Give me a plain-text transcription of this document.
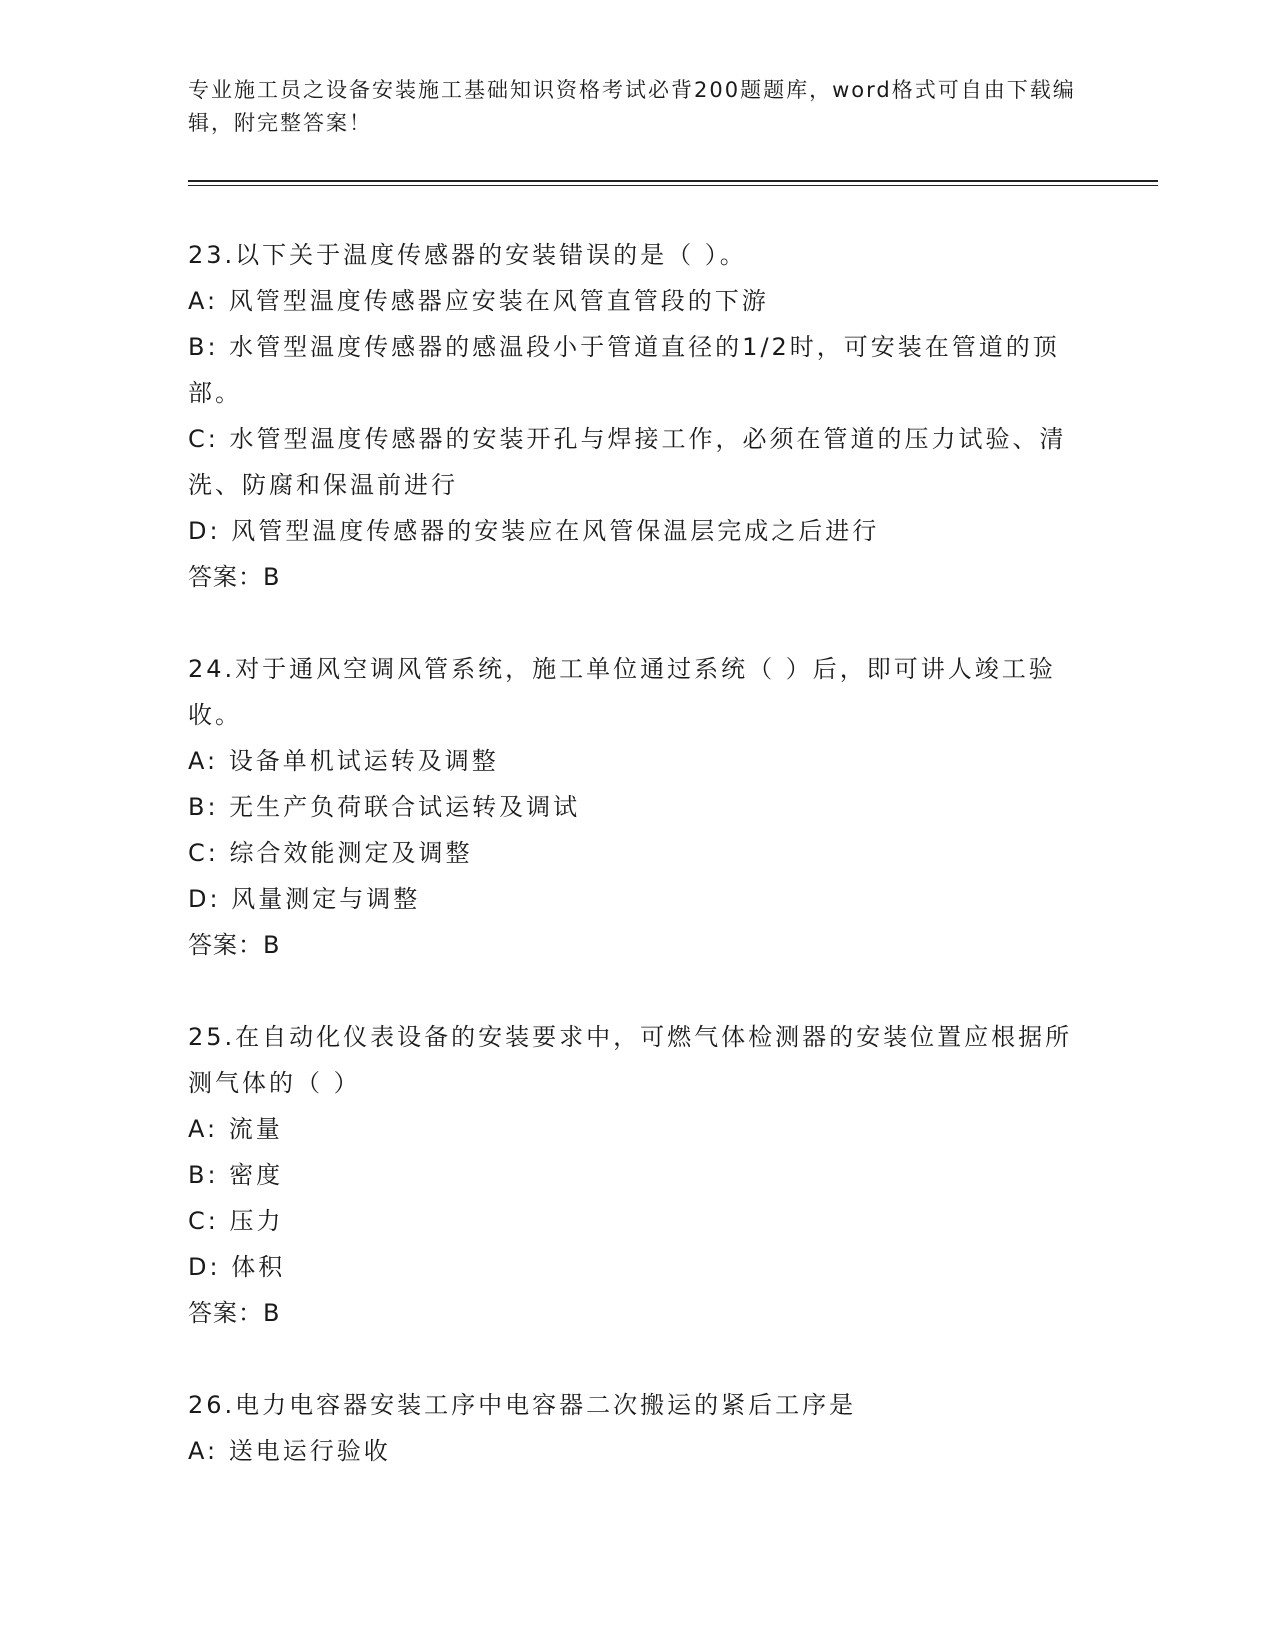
专业施工员之设备安装施工基础知识资格考试必背200题题库，word格式可自由下载编辑，附完整答案！

23.以下关于温度传感器的安装错误的是（ ）。

A: 风管型温度传感器应安装在风管直管段的下游

B: 水管型温度传感器的感温段小于管道直径的1/2时，可安装在管道的顶部。

C: 水管型温度传感器的安装开孔与焊接工作，必须在管道的压力试验、清洗、防腐和保温前进行

D: 风管型温度传感器的安装应在风管保温层完成之后进行

答案：B

24.对于通风空调风管系统，施工单位通过系统（ ）后，即可讲人竣工验收。

A: 设备单机试运转及调整

B: 无生产负荷联合试运转及调试

C: 综合效能测定及调整

D: 风量测定与调整

答案：B

25.在自动化仪表设备的安装要求中，可燃气体检测器的安装位置应根据所测气体的（ ）

A: 流量

B: 密度

C: 压力

D: 体积

答案：B

26.电力电容器安装工序中电容器二次搬运的紧后工序是

A: 送电运行验收
